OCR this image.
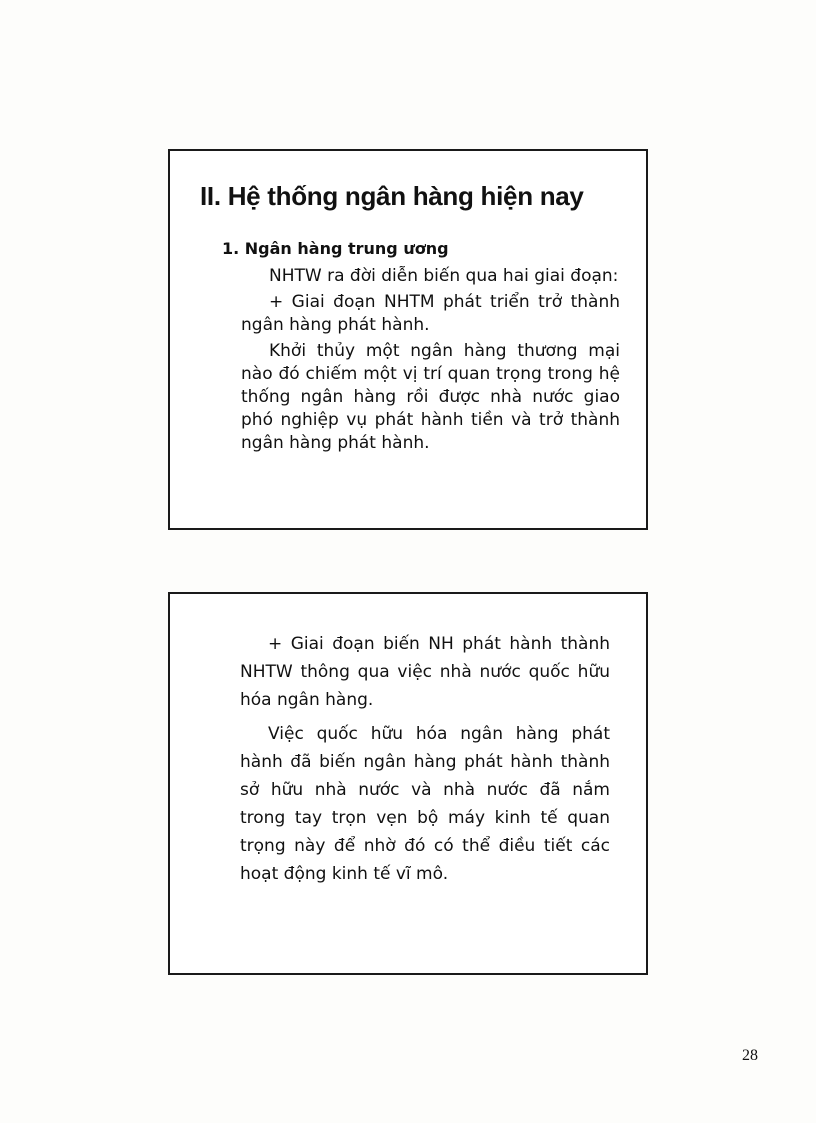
II. Hệ thống ngân hàng hiện nay
1. Ngân hàng trung ương

NHTW ra đời diễn biến qua hai giai đoạn:

+ Giai đoạn NHTM phát triển trở thành ngân hàng phát hành.

Khởi thủy một ngân hàng thương mại nào đó chiếm một vị trí quan trọng trong hệ thống ngân hàng rồi được nhà nước giao phó nghiệp vụ phát hành tiền và trở thành ngân hàng phát hành.

+ Giai đoạn biến NH phát hành thành NHTW thông qua việc nhà nước quốc hữu hóa ngân hàng.

Việc quốc hữu hóa ngân hàng phát hành đã biến ngân hàng phát hành thành sở hữu nhà nước và nhà nước đã nắm trong tay trọn vẹn bộ máy kinh tế quan trọng này để nhờ đó có thể điều tiết các hoạt động kinh tế vĩ mô.

28
